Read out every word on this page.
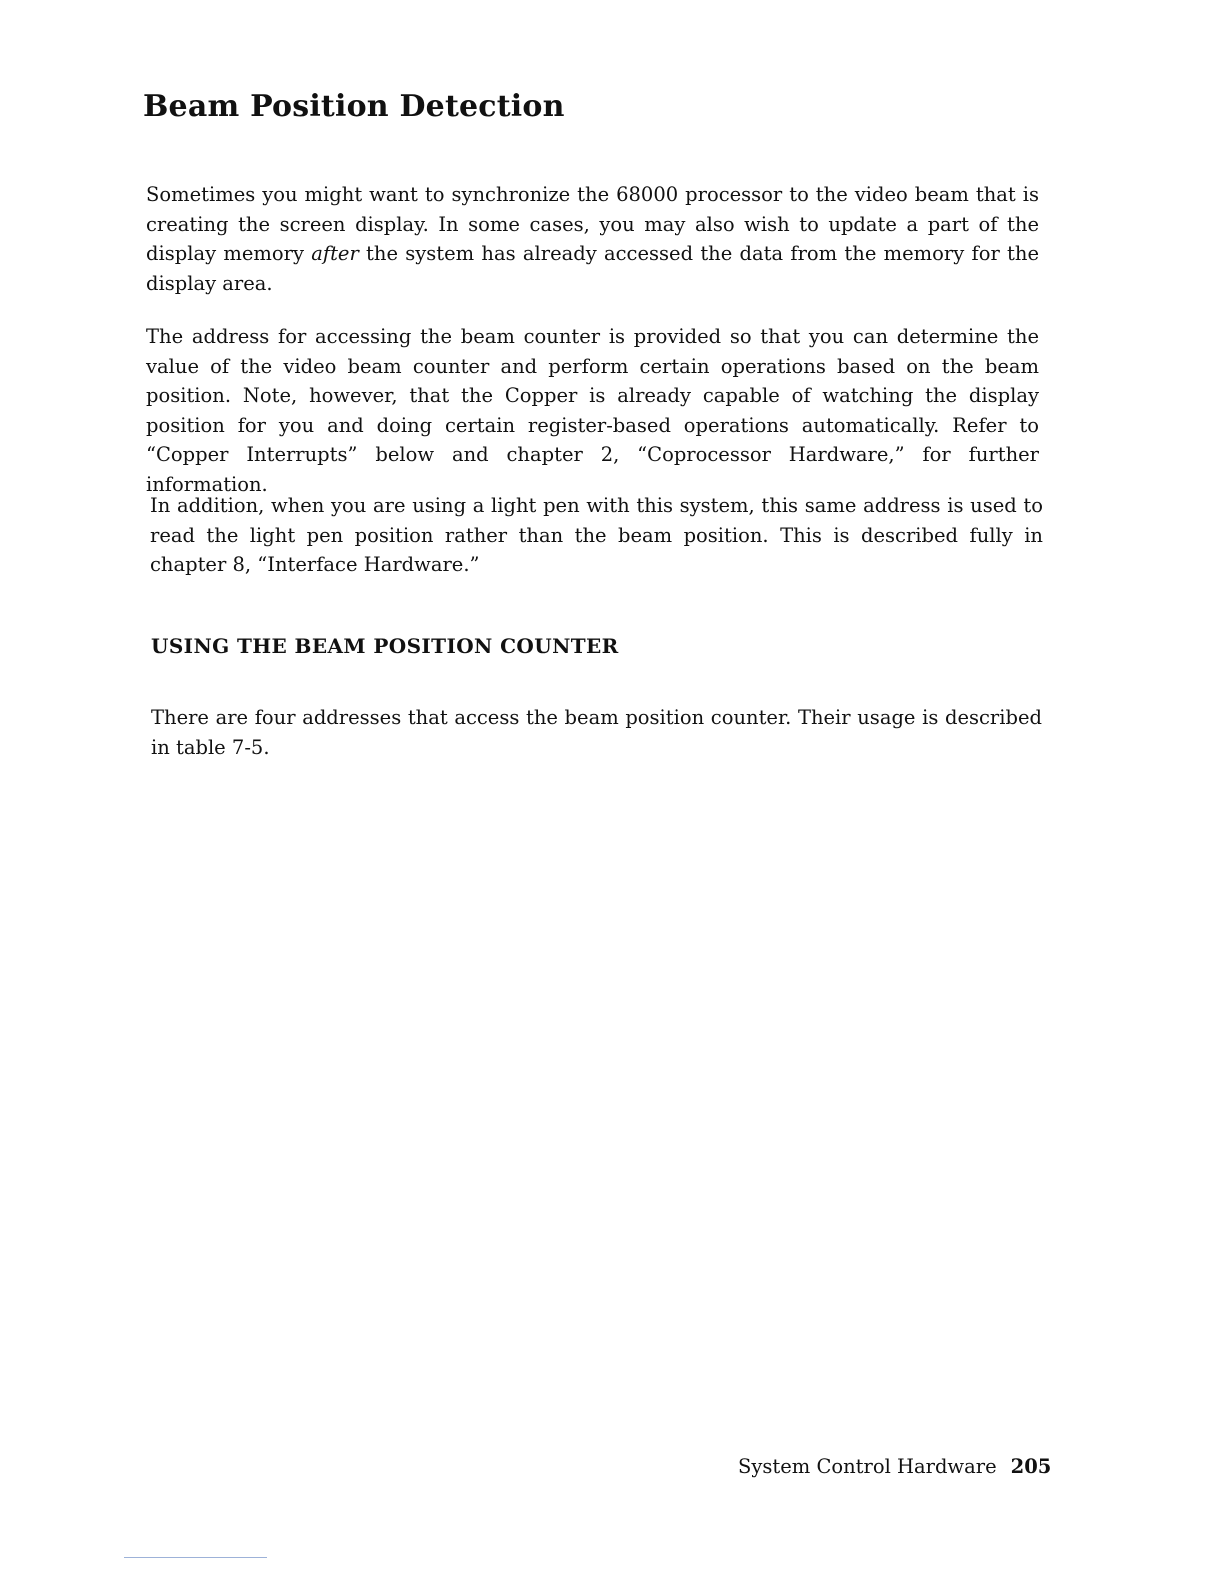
Beam Position Detection

Sometimes you might want to synchronize the 68000 processor to the video beam that is creating the screen display. In some cases, you may also wish to update a part of the display memory after the system has already accessed the data from the memory for the display area.

The address for accessing the beam counter is provided so that you can determine the value of the video beam counter and perform certain operations based on the beam position. Note, however, that the Copper is already capable of watching the display position for you and doing certain register-based operations automatically. Refer to “Copper Interrupts” below and chapter 2, “Coprocessor Hardware,” for further information.

In addition, when you are using a light pen with this system, this same address is used to read the light pen position rather than the beam position. This is described fully in chapter 8, “Interface Hardware.”

USING THE BEAM POSITION COUNTER

There are four addresses that access the beam position counter. Their usage is described in table 7-5.

System Control Hardware 205
